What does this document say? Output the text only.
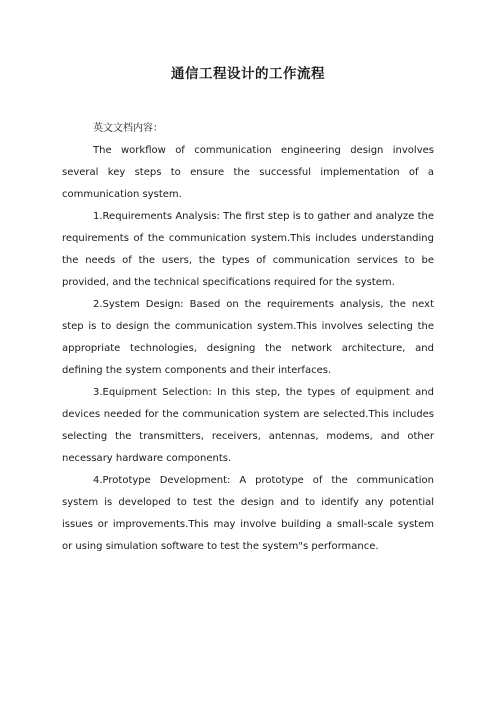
通信工程设计的工作流程

英文文档内容：

The workflow of communication engineering design involves several key steps to ensure the successful implementation of a communication system.

1.Requirements Analysis: The first step is to gather and analyze the requirements of the communication system.This includes understanding the needs of the users, the types of communication services to be provided, and the technical specifications required for the system.

2.System Design: Based on the requirements analysis, the next step is to design the communication system.This involves selecting the appropriate technologies, designing the network architecture, and defining the system components and their interfaces.

3.Equipment Selection: In this step, the types of equipment and devices needed for the communication system are selected.This includes selecting the transmitters, receivers, antennas, modems, and other necessary hardware components.

4.Prototype Development: A prototype of the communication system is developed to test the design and to identify any potential issues or improvements.This may involve building a small-scale system or using simulation software to test the system"s performance.
